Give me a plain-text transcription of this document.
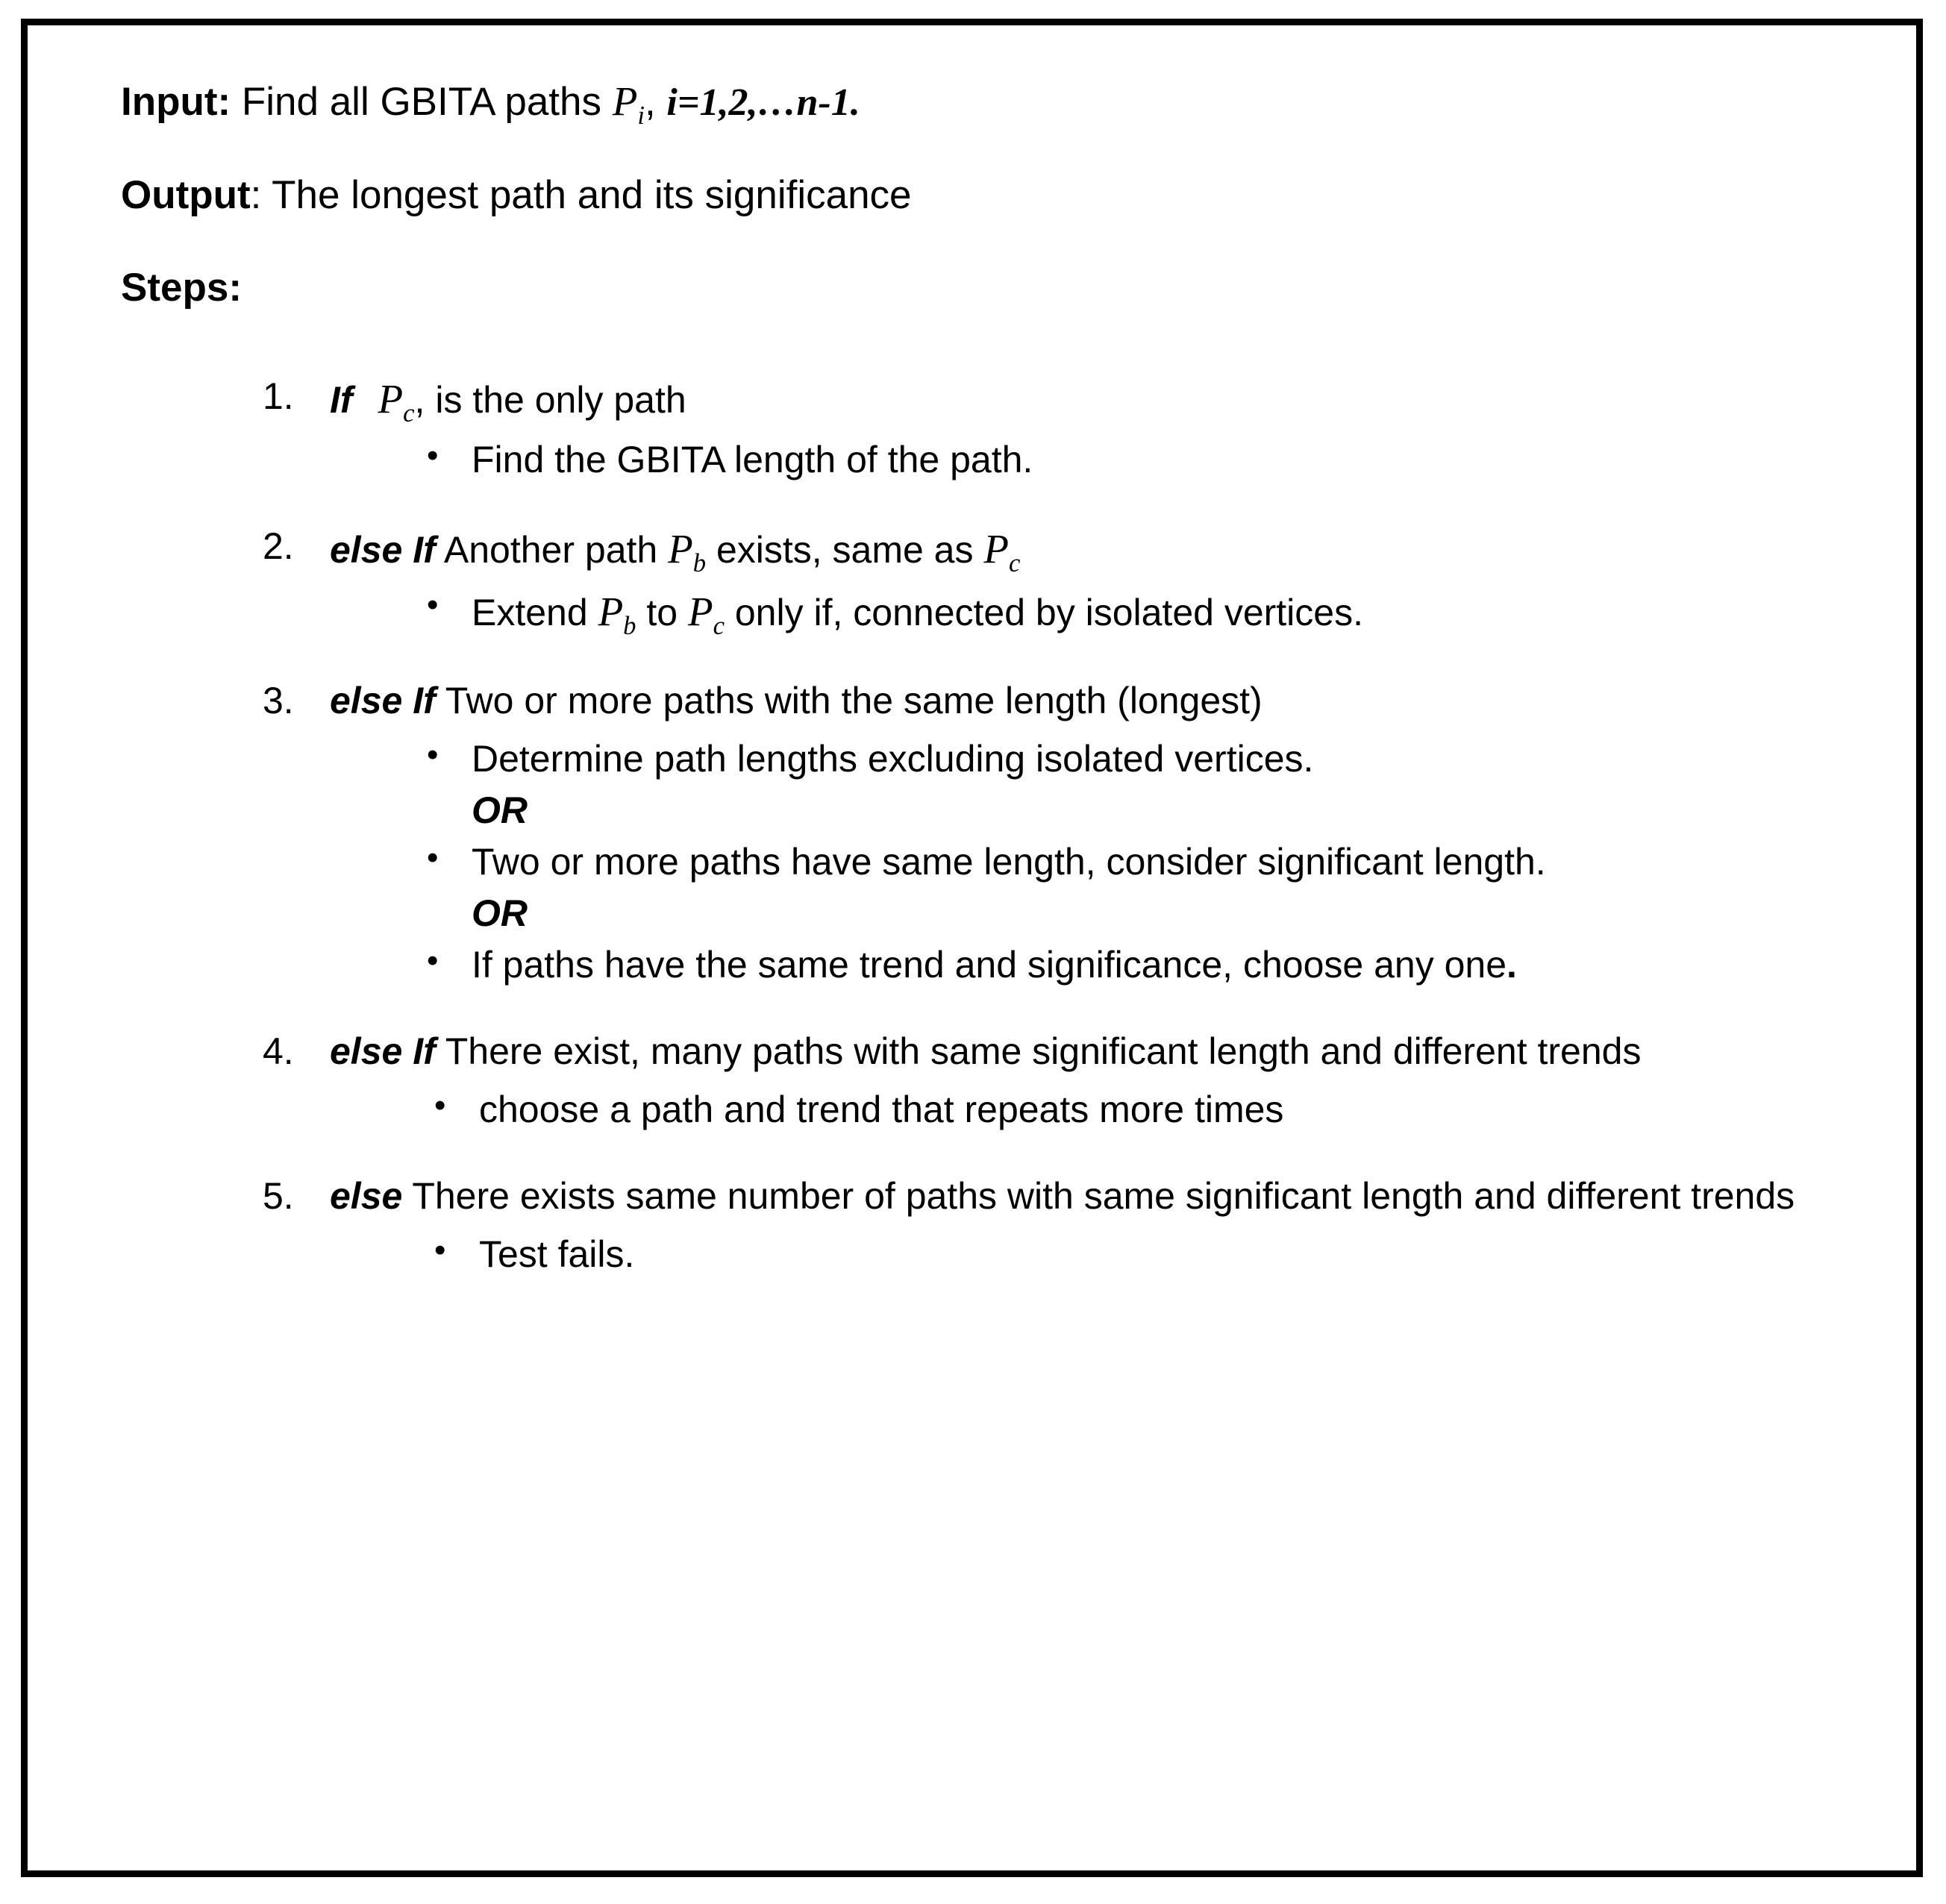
Input: Find all GBITA paths $P_i$, i=1,2,…n-1.

Output: The longest path and its significance

Steps:

1. If $P_c$, is the only path
• Find the GBITA length of the path.
2. else If Another path $P_b$ exists, same as $P_c$
• Extend $P_b$ to $P_c$ only if, connected by isolated vertices.
3. else If Two or more paths with the same length (longest)
• Determine path lengths excluding isolated vertices.
OR
• Two or more paths have same length, consider significant length.
OR
• If paths have the same trend and significance, choose any one.
4. else If There exist, many paths with same significant length and different trends
• choose a path and trend that repeats more times
5. else There exists same number of paths with same significant length and different trends
• Test fails.
